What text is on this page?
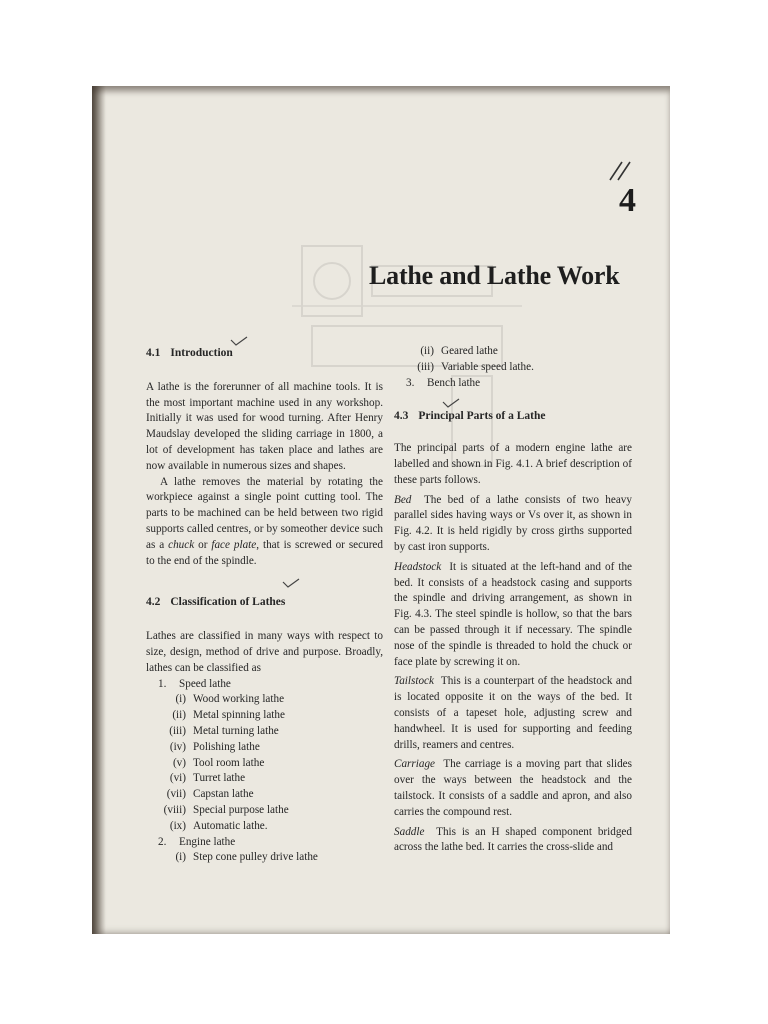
4
Lathe and Lathe Work

4.1 Introduction

A lathe is the forerunner of all machine tools. It is the most important machine used in any workshop. Initially it was used for wood turning. After Henry Maudslay developed the sliding carriage in 1800, a lot of development has taken place and lathes are now available in numerous sizes and shapes.

A lathe removes the material by rotating the workpiece against a single point cutting tool. The parts to be machined can be held between two rigid supports called centres, or by someother device such as a chuck or face plate, that is screwed or secured to the end of the spindle.

4.2 Classification of Lathes

Lathes are classified in many ways with respect to size, design, method of drive and purpose. Broadly, lathes can be classified as

1. Speed lathe
(i) Wood working lathe
(ii) Metal spinning lathe
(iii) Metal turning lathe
(iv) Polishing lathe
(v) Tool room lathe
(vi) Turret lathe
(vii) Capstan lathe
(viii) Special purpose lathe
(ix) Automatic lathe.
2. Engine lathe
(i) Step cone pulley drive lathe
(ii) Geared lathe
(iii) Variable speed lathe.
3. Bench lathe

4.3 Principal Parts of a Lathe

The principal parts of a modern engine lathe are labelled and shown in Fig. 4.1. A brief description of these parts follows.

Bed The bed of a lathe consists of two heavy parallel sides having ways or Vs over it, as shown in Fig. 4.2. It is held rigidly by cross girths supported by cast iron supports.

Headstock It is situated at the left-hand and of the bed. It consists of a headstock casing and supports the spindle and driving arrangement, as shown in Fig. 4.3. The steel spindle is hollow, so that the bars can be passed through it if necessary. The spindle nose of the spindle is threaded to hold the chuck or face plate by screwing it on.

Tailstock This is a counterpart of the headstock and is located opposite it on the ways of the bed. It consists of a tapeset hole, adjusting screw and handwheel. It is used for supporting and feeding drills, reamers and centres.

Carriage The carriage is a moving part that slides over the ways between the headstock and the tailstock. It consists of a saddle and apron, and also carries the compound rest.

Saddle This is an H shaped component bridged across the lathe bed. It carries the cross-slide and
